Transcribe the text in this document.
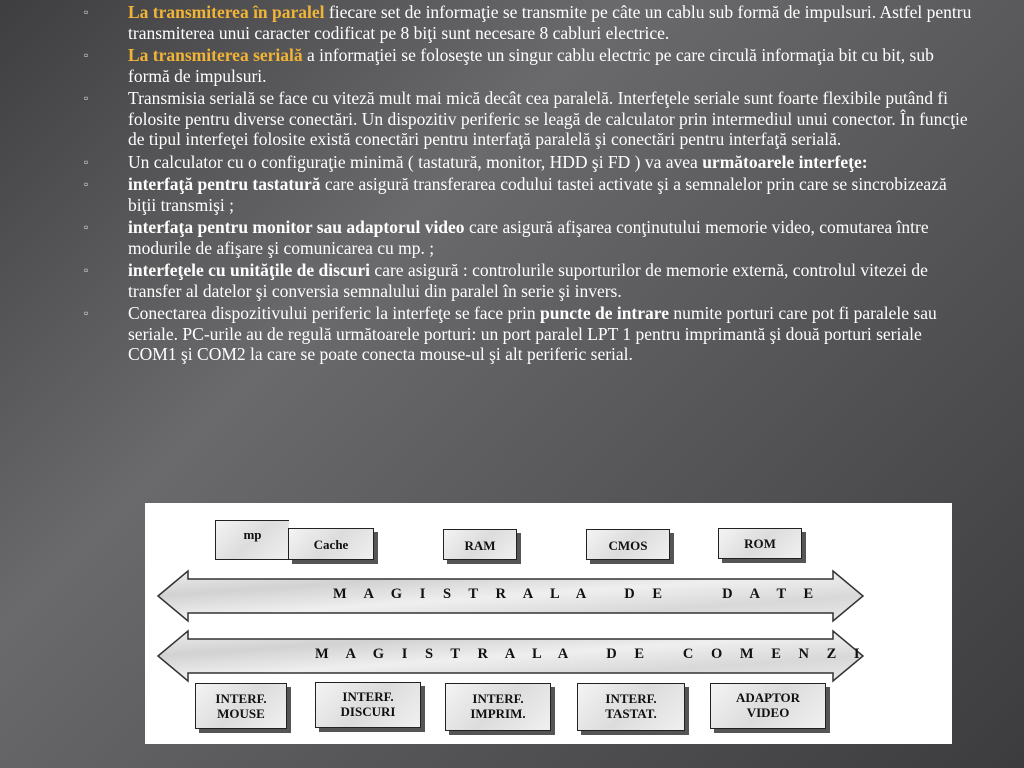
▫ La transmiterea în paralel fiecare set de informaţie se transmite pe câte un cablu sub formă de impulsuri. Astfel pentru transmiterea unui caracter codificat pe 8 biţi sunt necesare 8 cabluri electrice.
▫ La transmiterea serială a informaţiei se foloseşte un singur cablu electric pe care circulă informaţia bit cu bit, sub formă de impulsuri.
▫ Transmisia serială se face cu viteză mult mai mică decât cea paralelă. Interfeţele seriale sunt foarte flexibile putând fi folosite pentru diverse conectări. Un dispozitiv periferic se leagă de calculator prin intermediul unui conector. În funcţie de tipul interfeţei folosite există conectări pentru interfaţă paralelă şi conectări pentru interfaţă serială.
▫ Un calculator cu o configuraţie minimă ( tastatură, monitor, HDD şi FD ) va avea următoarele interfeţe:
▫ interfaţă pentru tastatură care asigură transferarea codului tastei activate şi a semnalelor prin care se sincrobizează biţii transmişi ;
▫ interfaţa pentru monitor sau adaptorul video care asigură afişarea conţinutului memorie video, comutarea între modurile de afişare şi comunicarea cu mp. ;
▫ interfeţele cu unităţile de discuri care asigură : controlurile suporturilor de memorie externă, controlul vitezei de transfer al datelor şi conversia semnalului din paralel în serie şi invers.
▫ Conectarea dispozitivului periferic la interfeţe se face prin puncte de intrare numite porturi care pot fi paralele sau seriale. PC-urile au de regulă următoarele porturi: un port paralel LPT 1 pentru imprimantă şi două porturi seriale COM1 şi COM2 la care se poate conecta mouse-ul şi alt periferic serial.
M A G I S T R A L A   D E     D A T E
M A G I S T R A L A   D E   C O M E N Z I
mp
Cache	RAM	CMOS	ROM
INTERF.
MOUSE
INTERF.
DISCURI
INTERF.
IMPRIM.
INTERF.
TASTAT.
ADAPTOR
VIDEO
